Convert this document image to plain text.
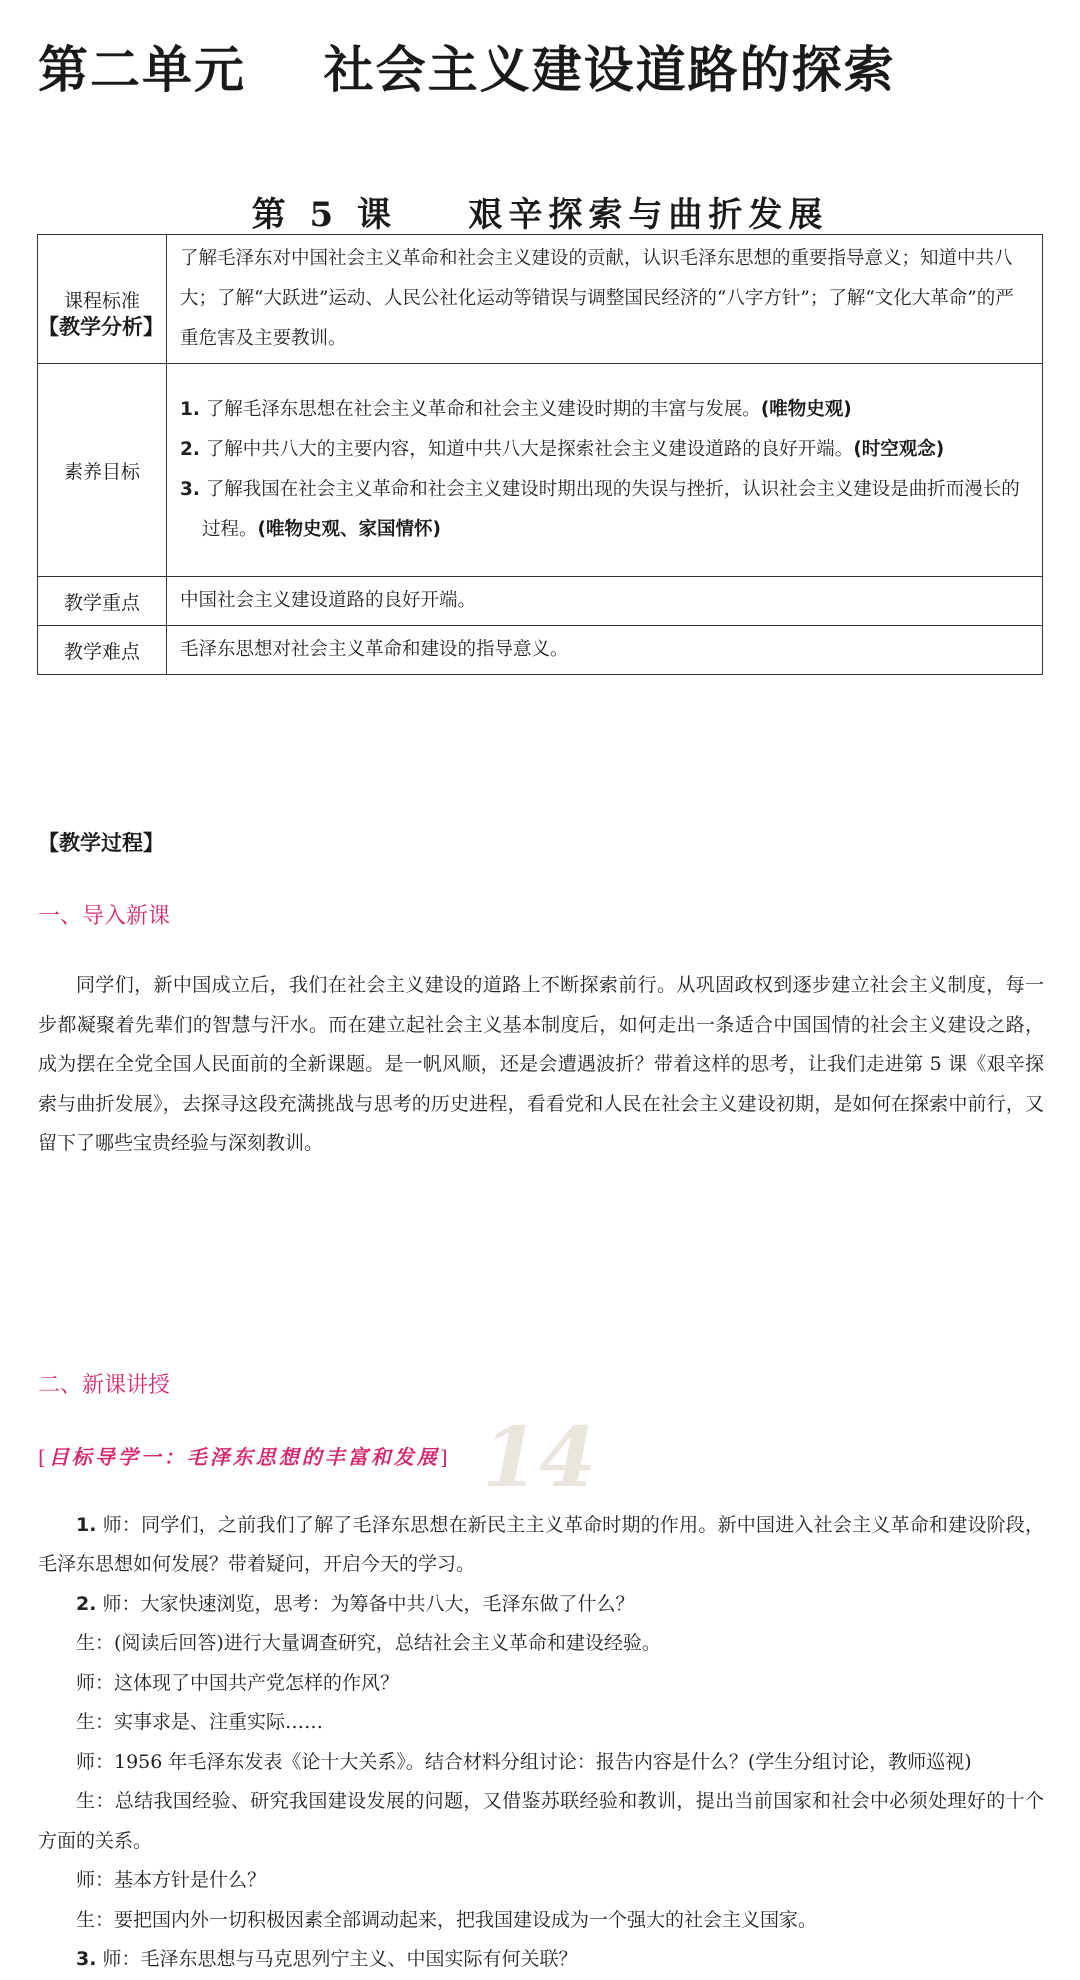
14
第二单元    社会主义建设道路的探索
第 5 课    艰辛探索与曲折发展
【教学分析】
课程标准	了解毛泽东对中国社会主义革命和社会主义建设的贡献，认识毛泽东思想的重要指导意义；知道中共八大；了解“大跃进”运动、人民公社化运动等错误与调整国民经济的“八字方针”；了解“文化大革命”的严重危害及主要教训。
素养目标	1. 了解毛泽东思想在社会主义革命和社会主义建设时期的丰富与发展。(唯物史观)
2. 了解中共八大的主要内容，知道中共八大是探索社会主义建设道路的良好开端。(时空观念)
3. 了解我国在社会主义革命和社会主义建设时期出现的失误与挫折，认识社会主义建设是曲折而漫长的过程。(唯物史观、家国情怀)

教学重点	中国社会主义建设道路的良好开端。
教学难点	毛泽东思想对社会主义革命和建设的指导意义。
【教学过程】
一、导入新课
同学们，新中国成立后，我们在社会主义建设的道路上不断探索前行。从巩固政权到逐步建立社会主义制度，每一步都凝聚着先辈们的智慧与汗水。而在建立起社会主义基本制度后，如何走出一条适合中国国情的社会主义建设之路，成为摆在全党全国人民面前的全新课题。是一帆风顺，还是会遭遇波折？带着这样的思考，让我们走进第 5 课《艰辛探索与曲折发展》，去探寻这段充满挑战与思考的历史进程，看看党和人民在社会主义建设初期，是如何在探索中前行，又留下了哪些宝贵经验与深刻教训。
二、新课讲授
[目标导学一：毛泽东思想的丰富和发展]
1. 师：同学们，之前我们了解了毛泽东思想在新民主主义革命时期的作用。新中国进入社会主义革命和建设阶段，毛泽东思想如何发展？带着疑问，开启今天的学习。
2. 师：大家快速浏览，思考：为筹备中共八大，毛泽东做了什么？
生：(阅读后回答)进行大量调查研究，总结社会主义革命和建设经验。
师：这体现了中国共产党怎样的作风？
生：实事求是、注重实际……
师：1956 年毛泽东发表《论十大关系》。结合材料分组讨论：报告内容是什么？(学生分组讨论，教师巡视)
生：总结我国经验、研究我国建设发展的问题，又借鉴苏联经验和教训，提出当前国家和社会中必须处理好的十个方面的关系。
师：基本方针是什么？
生：要把国内外一切积极因素全部调动起来，把我国建设成为一个强大的社会主义国家。
3. 师：毛泽东思想与马克思列宁主义、中国实际有何关联？
